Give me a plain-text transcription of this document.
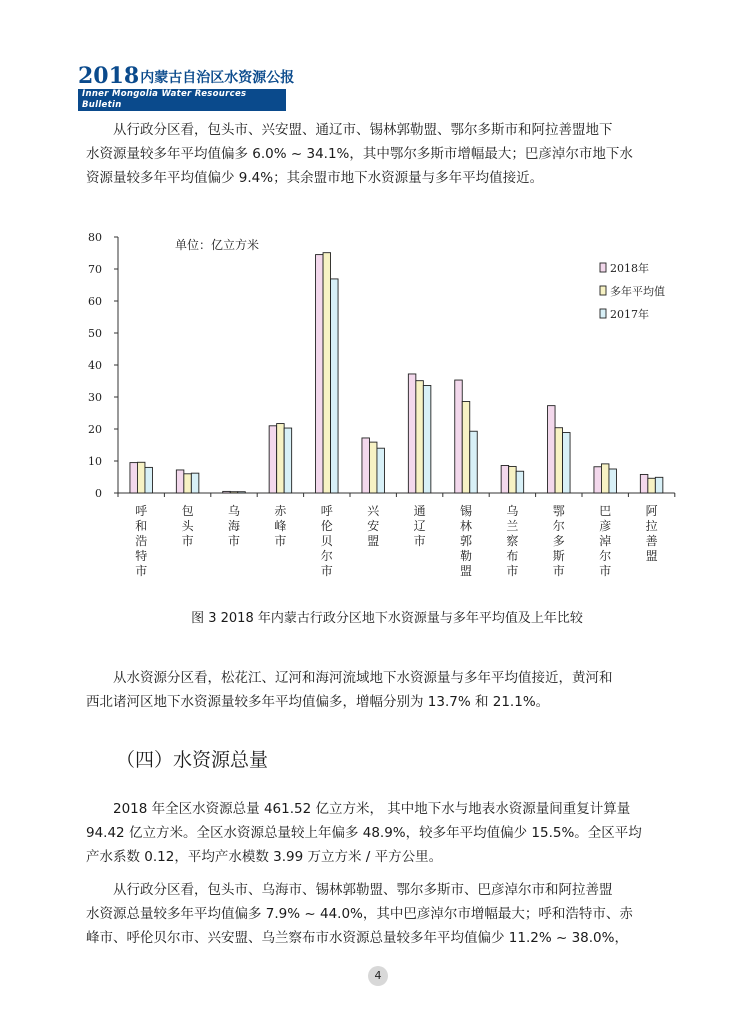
2018内蒙古自治区水资源公报
Inner Mongolia Water Resources Bulletin
从行政分区看，包头市、兴安盟、通辽市、锡林郭勒盟、鄂尔多斯市和阿拉善盟地下
水资源量较多年平均值偏多 6.0% ~ 34.1%，其中鄂尔多斯市增幅最大；巴彦淖尔市地下水
资源量较多年平均值偏少 9.4%；其余盟市地下水资源量与多年平均值接近。
0
10
20
30
40
50
60
70
80
呼和浩特市
包头市
乌海市
赤峰市
呼伦贝尔市
兴安盟
通辽市
锡林郭勒盟
乌兰察布市
鄂尔多斯市
巴彦淖尔市
阿拉善盟
单位：亿立方米
2018年
多年平均值
2017年
图 3 2018 年内蒙古行政分区地下水资源量与多年平均值及上年比较
从水资源分区看，松花江、辽河和海河流域地下水资源量与多年平均值接近，黄河和
西北诸河区地下水资源量较多年平均值偏多，增幅分别为 13.7% 和 21.1%。
（四）水资源总量
2018 年全区水资源总量 461.52 亿立方米， 其中地下水与地表水资源量间重复计算量
94.42 亿立方米。全区水资源总量较上年偏多 48.9%，较多年平均值偏少 15.5%。全区平均
产水系数 0.12，平均产水模数 3.99 万立方米 / 平方公里。
从行政分区看，包头市、乌海市、锡林郭勒盟、鄂尔多斯市、巴彦淖尔市和阿拉善盟
水资源总量较多年平均值偏多 7.9% ~ 44.0%，其中巴彦淖尔市增幅最大；呼和浩特市、赤
峰市、呼伦贝尔市、兴安盟、乌兰察布市水资源总量较多年平均值偏少 11.2% ~ 38.0%，
4
